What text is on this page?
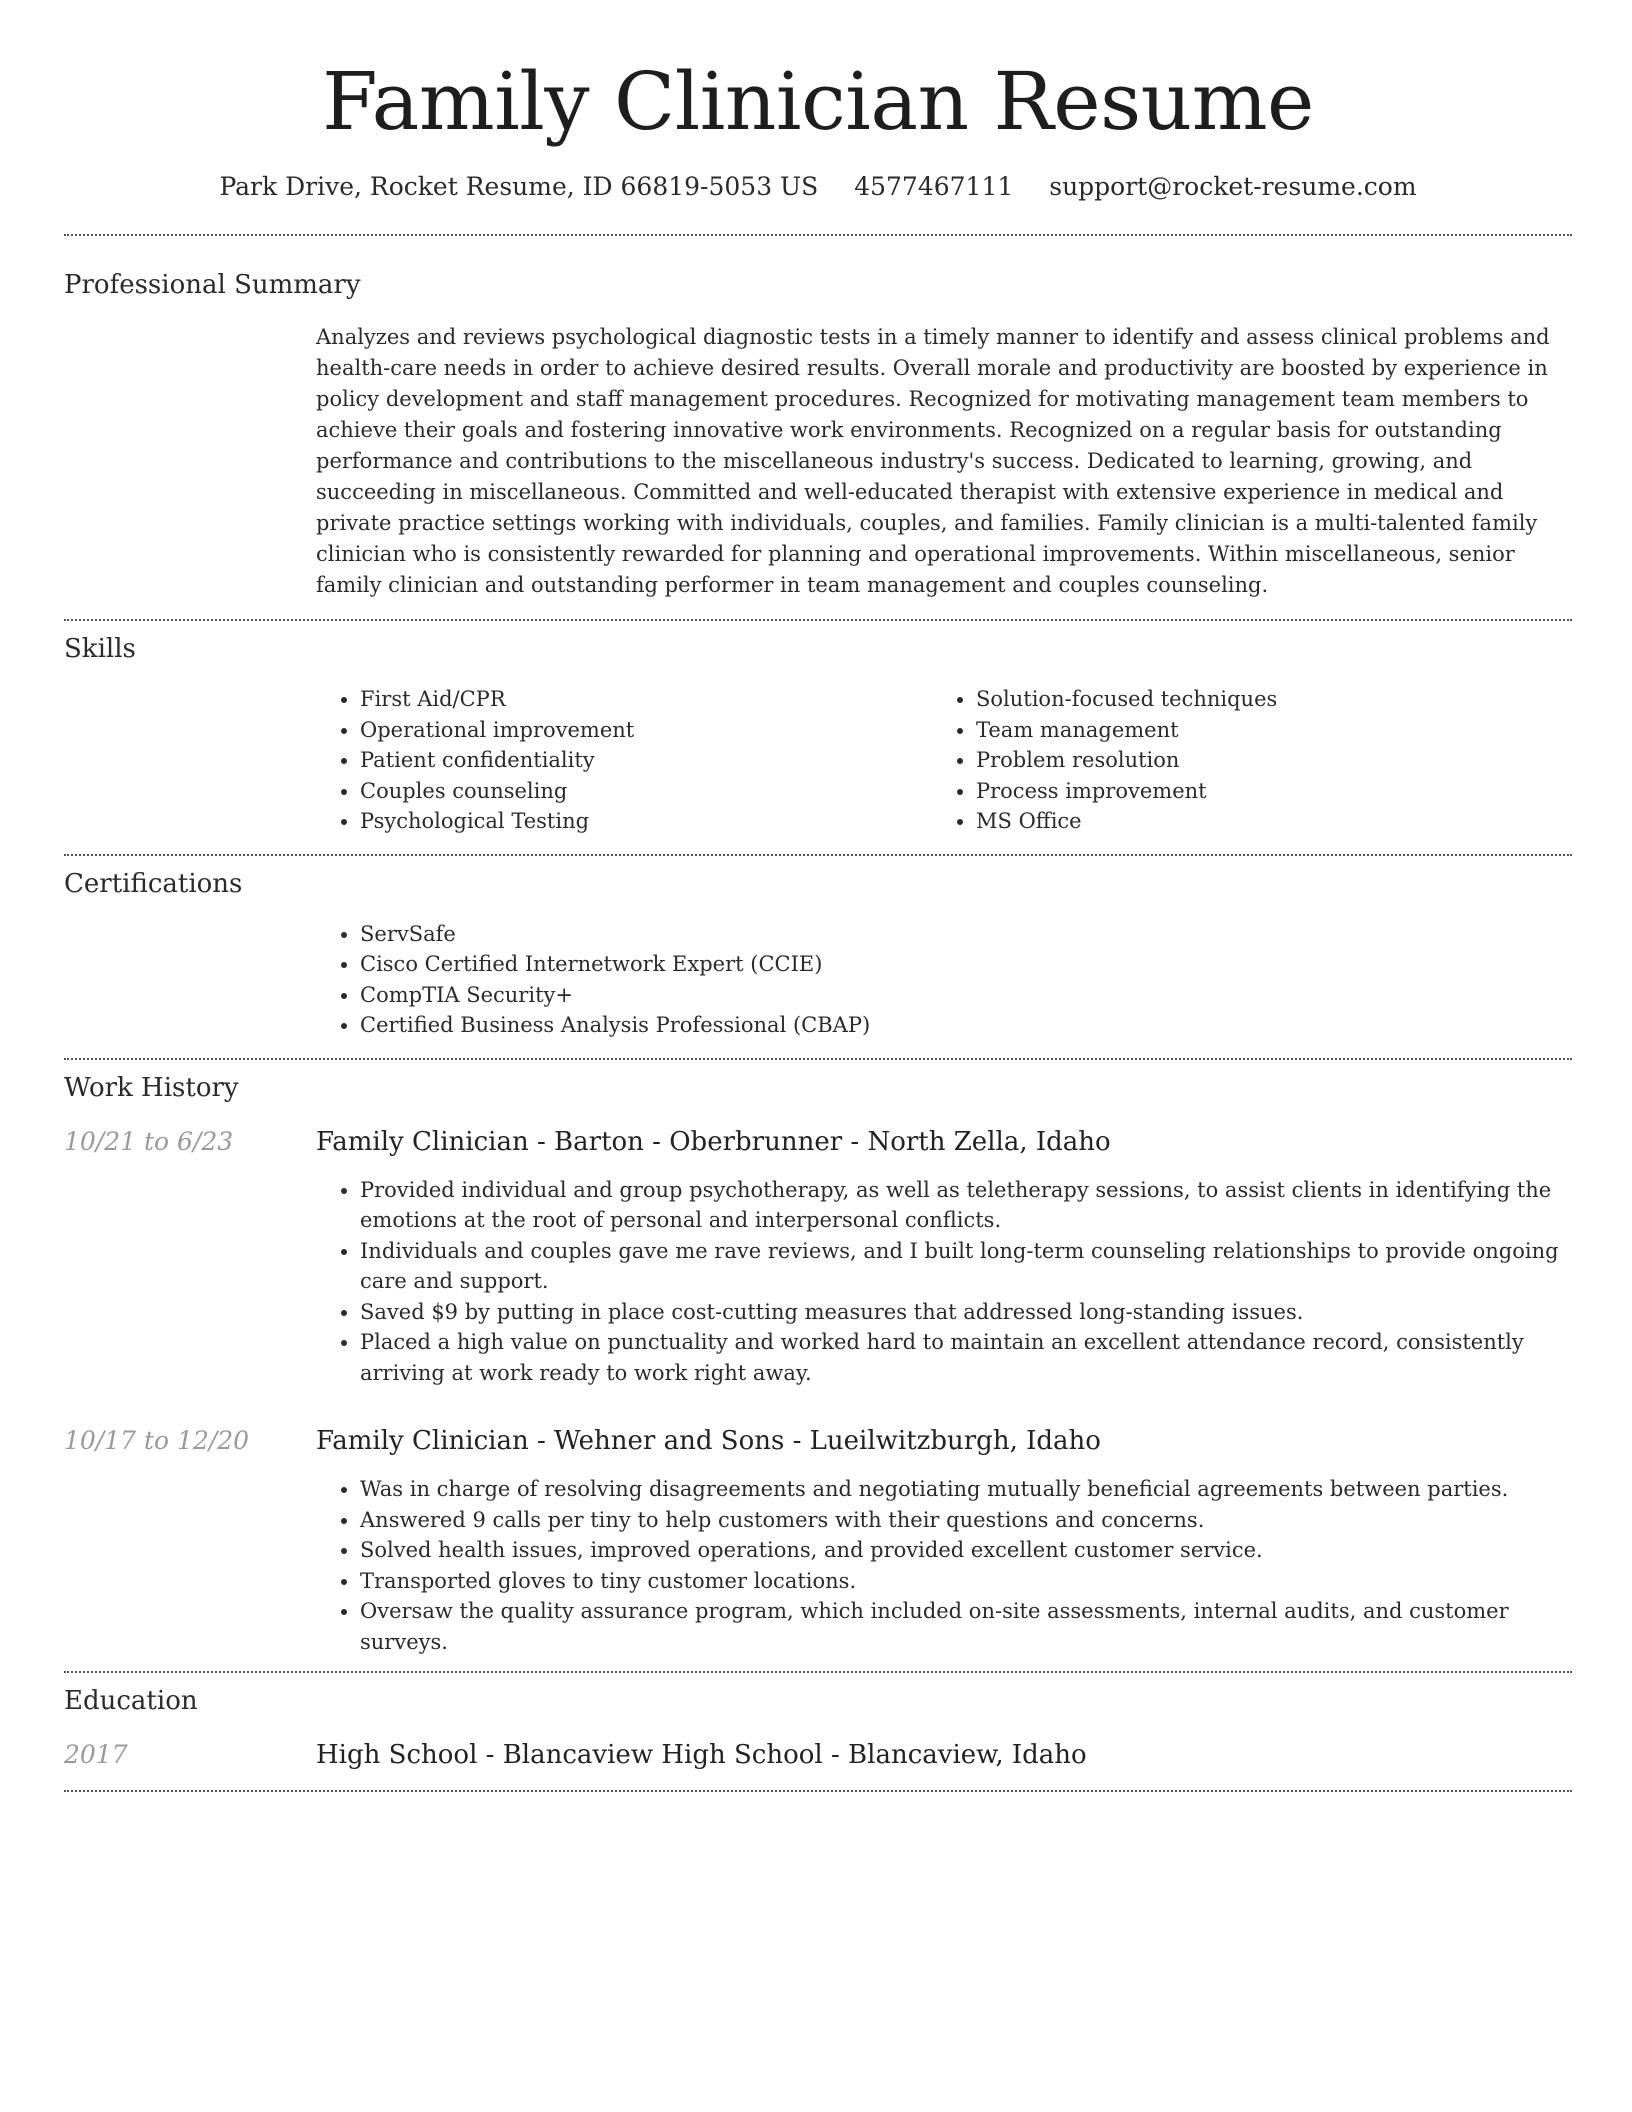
Family Clinician Resume
Park Drive, Rocket Resume, ID 66819-5053 US 4577467111 support@rocket-resume.com
Professional Summary

Analyzes and reviews psychological diagnostic tests in a timely manner to identify and assess clinical problems and health-care needs in order to achieve desired results. Overall morale and productivity are boosted by experience in policy development and staff management procedures. Recognized for motivating management team members to achieve their goals and fostering innovative work environments. Recognized on a regular basis for outstanding performance and contributions to the miscellaneous industry's success. Dedicated to learning, growing, and succeeding in miscellaneous. Committed and well-educated therapist with extensive experience in medical and private practice settings working with individuals, couples, and families. Family clinician is a multi-talented family clinician who is consistently rewarded for planning and operational improvements. Within miscellaneous, senior family clinician and outstanding performer in team management and couples counseling.

Skills
• First Aid/CPR
• Operational improvement
• Patient confidentiality
• Couples counseling
• Psychological Testing
• Solution-focused techniques
• Team management
• Problem resolution
• Process improvement
• MS Office
Certifications
• ServSafe
• Cisco Certified Internetwork Expert (CCIE)
• CompTIA Security+
• Certified Business Analysis Professional (CBAP)
Work History
10/21 to 6/23	Family Clinician - Barton - Oberbrunner - North Zella, Idaho
• Provided individual and group psychotherapy, as well as teletherapy sessions, to assist clients in identifying the emotions at the root of personal and interpersonal conflicts.
• Individuals and couples gave me rave reviews, and I built long-term counseling relationships to provide ongoing care and support.
• Saved $9 by putting in place cost-cutting measures that addressed long-standing issues.
• Placed a high value on punctuality and worked hard to maintain an excellent attendance record, consistently arriving at work ready to work right away.
10/17 to 12/20	Family Clinician - Wehner and Sons - Lueilwitzburgh, Idaho
• Was in charge of resolving disagreements and negotiating mutually beneficial agreements between parties.
• Answered 9 calls per tiny to help customers with their questions and concerns.
• Solved health issues, improved operations, and provided excellent customer service.
• Transported gloves to tiny customer locations.
• Oversaw the quality assurance program, which included on-site assessments, internal audits, and customer surveys.
Education
2017	High School - Blancaview High School - Blancaview, Idaho
